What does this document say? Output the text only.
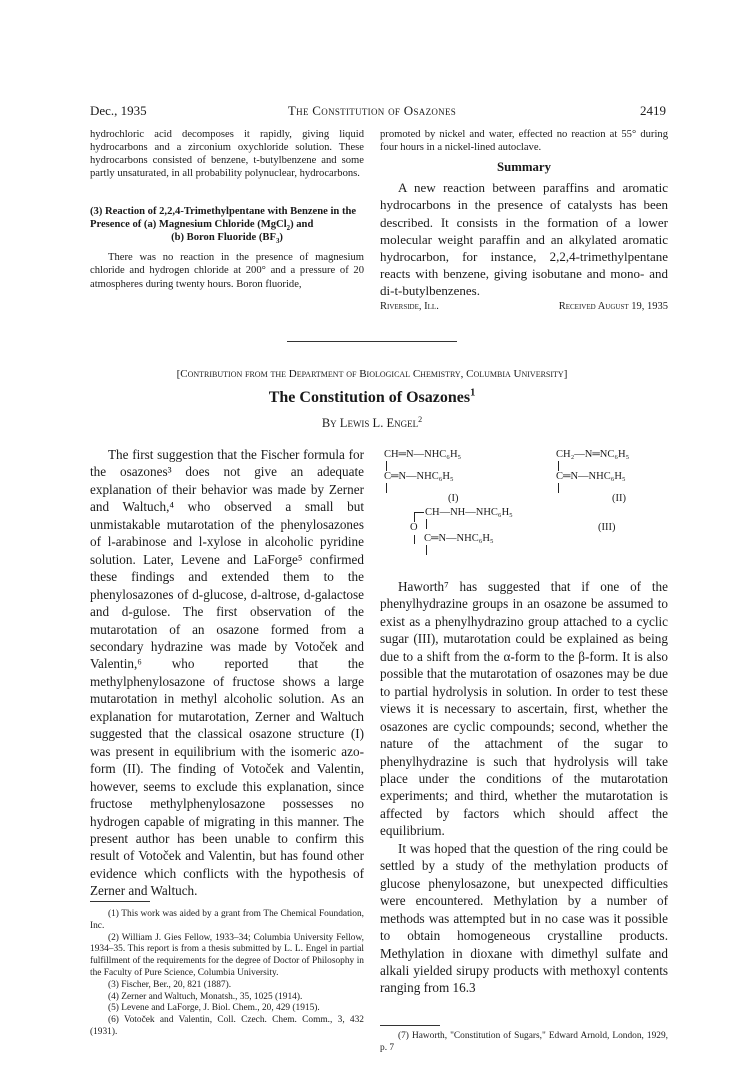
Dec., 1935	The Constitution of Osazones	2419

hydrochloric acid decomposes it rapidly, giving liquid hydrocarbons and a zirconium oxychloride solution. These hydrocarbons consisted of benzene, t-butylbenzene and some partly unsaturated, in all probability polynuclear, hydrocarbons.

(3) Reaction of 2,2,4-Trimethylpentane with Benzene in the Presence of (a) Magnesium Chloride (MgCl$_2$) and

(b) Boron Fluoride $(BF_3)$

There was no reaction in the presence of magnesium chloride and hydrogen chloride at 200° and a pressure of 20 atmospheres during twenty hours. Boron fluoride,

promoted by nickel and water, effected no reaction at 55° during four hours in a nickel-lined autoclave.

Summary

A new reaction between paraffins and aromatic hydrocarbons in the presence of catalysts has been described. It consists in the formation of a lower molecular weight paraffin and an alkylated aromatic hydrocarbon, for instance, 2,2,4-trimethylpentane reacts with benzene, giving isobutane and mono- and di-t-butylbenzenes.

Riverside, Ill.	Received August 19, 1935
[Contribution from the Department of Biological Chemistry, Columbia University]
The Constitution of Osazones$^1$
By Lewis L. Engel$^2$

The first suggestion that the Fischer formula for the osazones³ does not give an adequate explanation of their behavior was made by Zerner and Waltuch,⁴ who observed a small but unmistakable mutarotation of the phenylosazones of l-arabinose and l-xylose in alcoholic pyridine solution. Later, Levene and LaForge⁵ confirmed these findings and extended them to the phenylosazones of d-glucose, d-altrose, d-galactose and d-gulose. The first observation of the mutarotation of an osazone formed from a secondary hydrazine was made by Votoček and Valentin,⁶ who reported that the methylphenylosazone of fructose shows a large mutarotation in methyl alcoholic solution. As an explanation for mutarotation, Zerner and Waltuch suggested that the classical osazone structure (I) was present in equilibrium with the isomeric azo-form (II). The finding of Votoček and Valentin, however, seems to exclude this explanation, since fructose methylphenylosazone possesses no hydrogen capable of migrating in this manner. The present author has been unable to confirm this result of Votoček and Valentin, but has found other evidence which conflicts with the hypothesis of Zerner and Waltuch.

(1) This work was aided by a grant from The Chemical Foundation, Inc.

(2) William J. Gies Fellow, 1933–34; Columbia University Fellow, 1934–35. This report is from a thesis submitted by L. L. Engel in partial fulfillment of the requirements for the degree of Doctor of Philosophy in the Faculty of Pure Science, Columbia University.

(3) Fischer, Ber., 20, 821 (1887).

(4) Zerner and Waltuch, Monatsh., 35, 1025 (1914).

(5) Levene and LaForge, J. Biol. Chem., 20, 429 (1915).

(6) Votoček and Valentin, Coll. Czech. Chem. Comm., 3, 432 (1931).

CH═N—NHC₆H₅
C═N—NHC₆H₅
(I)
CH₂—N═NC₆H₅
C═N—NHC₆H₅
(II)
CH—NH—NHC₆H₅
O
C═N—NHC₆H₅
(III)

Haworth⁷ has suggested that if one of the phenylhydrazine groups in an osazone be assumed to exist as a phenylhydrazino group attached to a cyclic sugar (III), mutarotation could be explained as being due to a shift from the α-form to the β-form. It is also possible that the mutarotation of osazones may be due to partial hydrolysis in solution. In order to test these views it is necessary to ascertain, first, whether the osazones are cyclic compounds; second, whether the nature of the attachment of the sugar to phenylhydrazine is such that hydrolysis will take place under the conditions of the mutarotation experiments; and third, whether the mutarotation is affected by factors which should affect the equilibrium.

It was hoped that the question of the ring could be settled by a study of the methylation products of glucose phenylosazone, but unexpected difficulties were encountered. Methylation by a number of methods was attempted but in no case was it possible to obtain homogeneous crystalline products. Methylation in dioxane with dimethyl sulfate and alkali yielded sirupy products with methoxyl contents ranging from 16.3

(7) Haworth, "Constitution of Sugars," Edward Arnold, London, 1929, p. 7
